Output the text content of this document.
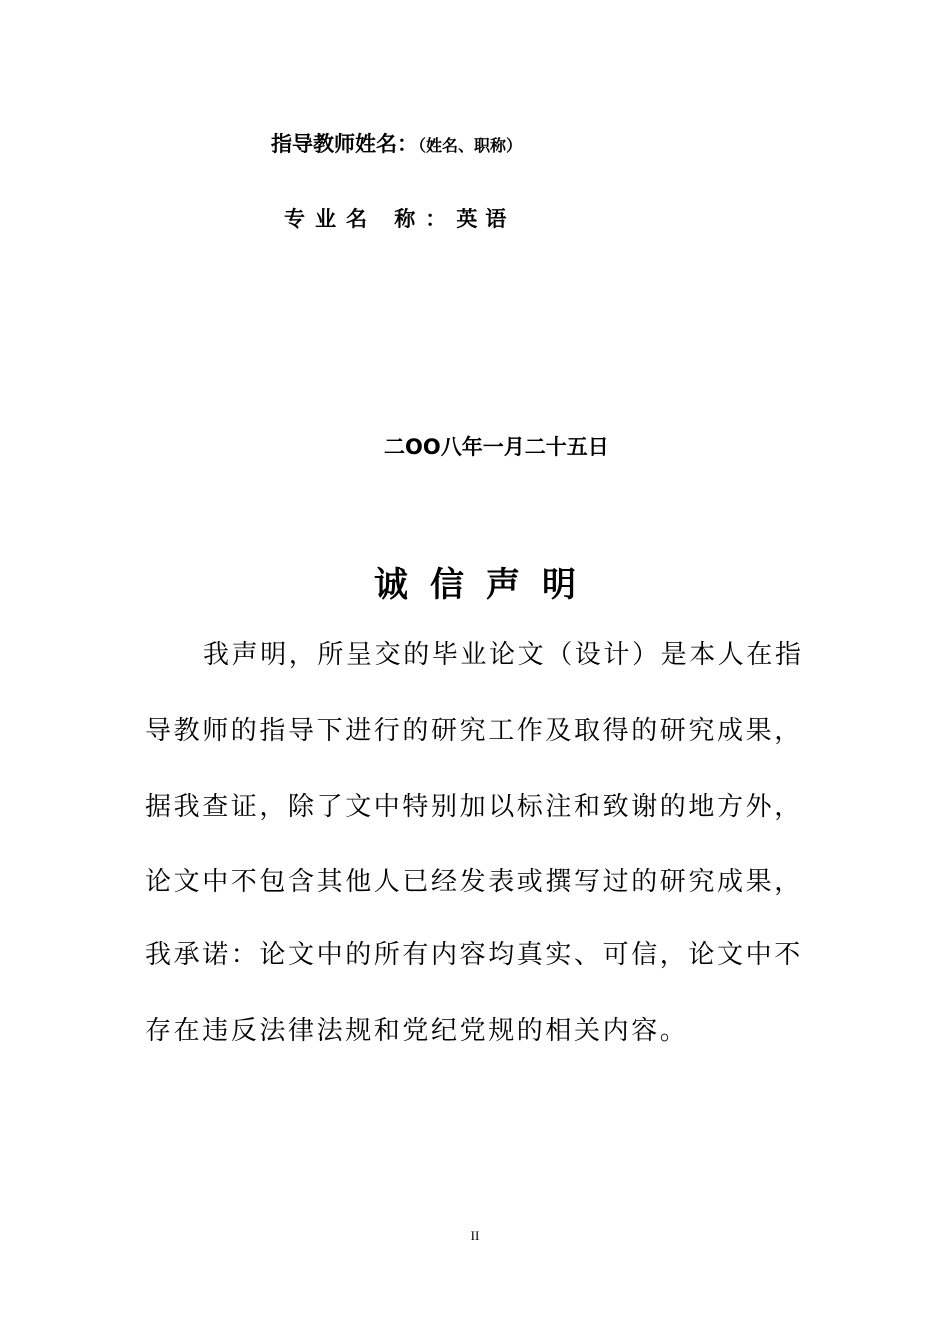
指导教师姓名：（姓名、职称）
专业名 称：英语
二OO八年一月二十五日
诚信声明
我声明，所呈交的毕业论文（设计）是本人在指
导教师的指导下进行的研究工作及取得的研究成果，
据我查证，除了文中特别加以标注和致谢的地方外，
论文中不包含其他人已经发表或撰写过的研究成果，
我承诺：论文中的所有内容均真实、可信，论文中不
存在违反法律法规和党纪党规的相关内容。
II
